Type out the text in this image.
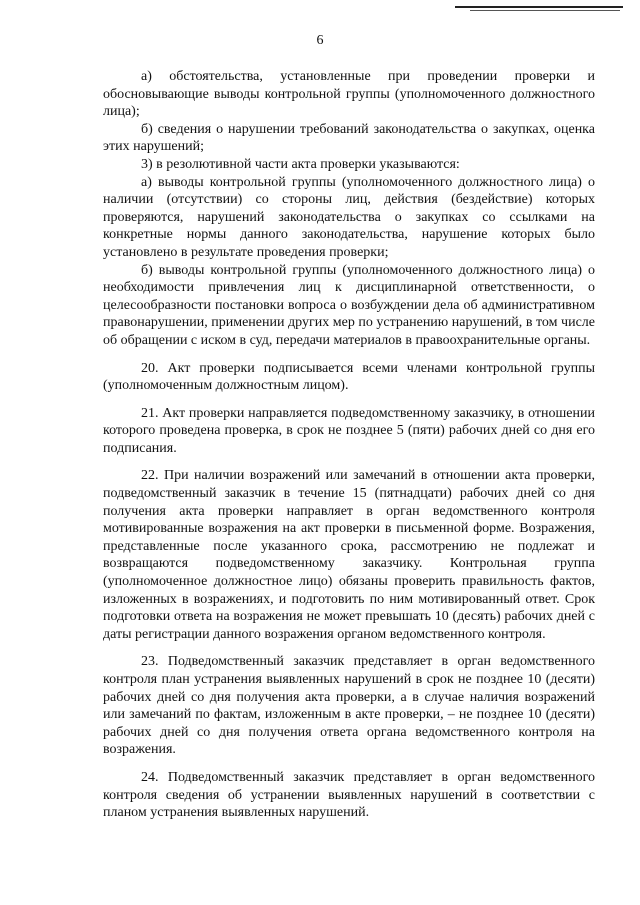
6

а) обстоятельства, установленные при проведении проверки и обосновывающие выводы контрольной группы (уполномоченного должностного лица);

б) сведения о нарушении требований законодательства о закупках, оценка этих нарушений;

3) в резолютивной части акта проверки указываются:

а) выводы контрольной группы (уполномоченного должностного лица) о наличии (отсутствии) со стороны лиц, действия (бездействие) которых проверяются, нарушений законодательства о закупках со ссылками на конкретные нормы данного законодательства, нарушение которых было установлено в результате проведения проверки;

б) выводы контрольной группы (уполномоченного должностного лица) о необходимости привлечения лиц к дисциплинарной ответственности, о целесообразности постановки вопроса о возбуждении дела об административном правонарушении, применении других мер по устранению нарушений, в том числе об обращении с иском в суд, передачи материалов в правоохранительные органы.

20. Акт проверки подписывается всеми членами контрольной группы (уполномоченным должностным лицом).

21. Акт проверки направляется подведомственному заказчику, в отношении которого проведена проверка, в срок не позднее 5 (пяти) рабочих дней со дня его подписания.

22. При наличии возражений или замечаний в отношении акта проверки, подведомственный заказчик в течение 15 (пятнадцати) рабочих дней со дня получения акта проверки направляет в орган ведомственного контроля мотивированные возражения на акт проверки в письменной форме. Возражения, представленные после указанного срока, рассмотрению не подлежат и возвращаются подведомственному заказчику. Контрольная группа (уполномоченное должностное лицо) обязаны проверить правильность фактов, изложенных в возражениях, и подготовить по ним мотивированный ответ. Срок подготовки ответа на возражения не может превышать 10 (десять) рабочих дней с даты регистрации данного возражения органом ведомственного контроля.

23. Подведомственный заказчик представляет в орган ведомственного контроля план устранения выявленных нарушений в срок не позднее 10 (десяти) рабочих дней со дня получения акта проверки, а в случае наличия возражений или замечаний по фактам, изложенным в акте проверки, – не позднее 10 (десяти) рабочих дней со дня получения ответа органа ведомственного контроля на возражения.

24. Подведомственный заказчик представляет в орган ведомственного контроля сведения об устранении выявленных нарушений в соответствии с планом устранения выявленных нарушений.
